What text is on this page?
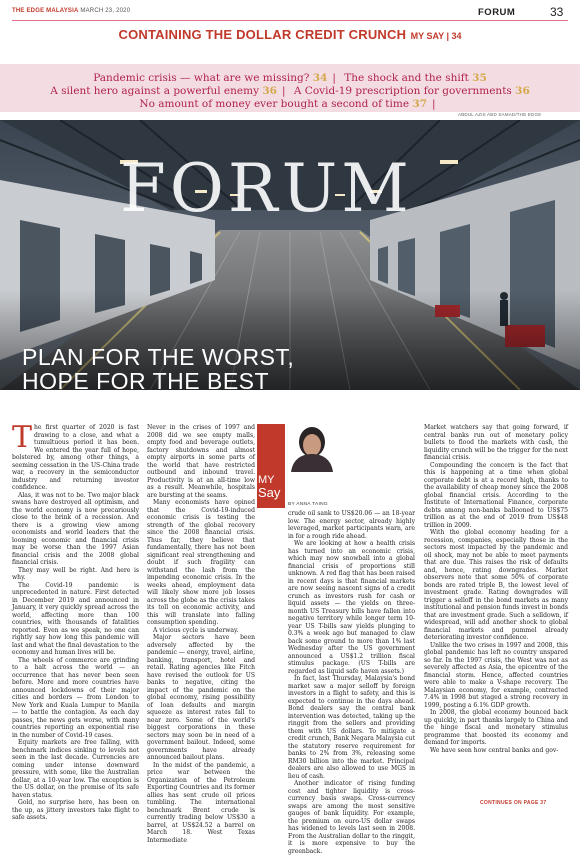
THE EDGE MALAYSIA MARCH 23, 2020	FORUM	33
CONTAINING THE DOLLAR CREDIT CRUNCH MY SAY | 34
Pandemic crisis — what are we missing? 34 | The shock and the shift 35
A silent hero against a powerful enemy 36 | A Covid-19 prescription for governments 36
No amount of money ever bought a second of time 37 |
ABDUL AZIS ABD SAMAD/THE EDGE
FORUM
PLAN FOR THE WORST,
HOPE FOR THE BEST
MY
Say
BY ANNA TAING

The first quarter of 2020 is fast drawing to a close, and what a tumultuous period it has been. We entered the year full of hope, bolstered by, among other things, a seeming cessation in the US-China trade war, a recovery in the semiconductor industry and returning investor confidence.

Alas, it was not to be. Two major black swans have destroyed all optimism, and the world economy is now precariously close to the brink of a recession. And there is a growing view among economists and world leaders that the looming economic and financial crisis may be worse than the 1997 Asian financial crisis and the 2008 global financial crisis.

They may well be right. And here is why.

The Covid-19 pandemic is unprecedented in nature. First detected in December 2019 and announced in January, it very quickly spread across the world, affecting more than 100 countries, with thousands of fatalities reported. Even as we speak, no one can rightly say how long this pandemic will last and what the final devastation to the economy and human lives will be.

The wheels of commerce are grinding to a halt across the world — an occurrence that has never been seen before. More and more countries have announced lockdowns of their major cities and borders — from London to New York and Kuala Lumpur to Manila — to battle the contagion. As each day passes, the news gets worse, with many countries reporting an exponential rise in the number of Covid-19 cases.

Equity markets are free falling, with benchmark indices sinking to levels not seen in the last decade. Currencies are coming under intense downward pressure, with some, like the Australian dollar, at a 10-year low. The exception is the US dollar, on the premise of its safe haven status.

Gold, no surprise here, has been on the up, as jittery investors take flight to safe assets.

Never in the crises of 1997 and 2008 did we see empty malls, empty food and beverage outlets, factory shutdowns and almost empty airports in some parts of the world that have restricted outbound and inbound travel. Productivity is at an all-time low as a result. Meanwhile, hospitals are bursting at the seams.

Many economists have opined that the Covid-19-induced economic crisis is testing the strength of the global recovery since the 2008 financial crisis. Thus far, they believe that fundamentally, there has not been significant real strengthening and doubt if such fragility can withstand the lash from the impending economic crisis. In the weeks ahead, employment data will likely show more job losses across the globe as the crisis takes its toll on economic activity, and this will translate into falling consumption spending.

A vicious cycle is underway.

Major sectors have been adversely affected by the pandemic — energy, travel, airline, banking, transport, hotel and retail. Rating agencies like Fitch have revised the outlook for US banks to negative, citing the impact of the pandemic on the global economy, rising possibility of loan defaults and margin squeeze as interest rates fall to near zero. Some of the world's biggest corporations in these sectors may soon be in need of a government bailout. Indeed, some governments have already announced bailout plans.

In the midst of the pandemic, a price war between the Organization of the Petroleum Exporting Countries and its former allies has sent crude oil prices tumbling. The international benchmark Brent crude is currently trading below US$30 a barrel, at US$24.52 a barrel on March 18. West Texas Intermediate

crude oil sank to US$20.06 — an 18-year low. The energy sector, already highly leveraged, market participants warn, are in for a rough ride ahead.

We are looking at how a health crisis has turned into an economic crisis, which may now snowball into a global financial crisis of proportions still unknown. A red flag that has been raised in recent days is that financial markets are now seeing nascent signs of a credit crunch as investors rush for cash or liquid assets — the yields on three-month US Treasury bills have fallen into negative territory while longer term 10-year US T-bills saw yields plunging to 0.3% a week ago but managed to claw back some ground to more than 1% last Wednesday after the US government announced a US$1.2 trillion fiscal stimulus package. (US T-bills are regarded as liquid safe haven assets.)

In fact, last Thursday, Malaysia's bond market saw a major selloff by foreign investors in a flight to safety, and this is expected to continue in the days ahead. Bond dealers say the central bank intervention was detected, taking up the ringgit from the sellers and providing them with US dollars. To mitigate a credit crunch, Bank Negara Malaysia cut the statutory reserve requirement for banks to 2% from 3%, releasing some RM30 billion into the market. Principal dealers are also allowed to use MGS in lieu of cash.

Another indicator of rising funding cost and tighter liquidity is cross-currency basis swaps. Cross-currency swaps are among the most sensitive gauges of bank liquidity. For example, the premium on euro-US dollar swaps has widened to levels last seen in 2008. From the Australian dollar to the ringgit, it is more expensive to buy the greenback.

Market watchers say that going forward, if central banks run out of monetary policy bullets to flood the markets with cash, the liquidity crunch will be the trigger for the next financial crisis.

Compounding the concern is the fact that this is happening at a time when global corporate debt is at a record high, thanks to the availability of cheap money since the 2008 global financial crisis. According to the Institute of International Finance, corporate debts among non-banks ballooned to US$75 trillion as at the end of 2019 from US$48 trillion in 2009.

With the global economy heading for a recession, companies, especially those in the sectors most impacted by the pandemic and oil shock, may not be able to meet payments that are due. This raises the risk of defaults and, hence, rating downgrades. Market observers note that some 50% of corporate bonds are rated triple B, the lowest level of investment grade. Rating downgrades will trigger a selloff in the bond markets as many institutional and pension funds invest in bonds that are investment grade. Such a selldown, if widespread, will add another shock to global financial markets and pummel already deteriorating investor confidence.

Unlike the two crises in 1997 and 2008, this global pandemic has left no country unspared so far. In the 1997 crisis, the West was not as severely affected as Asia, the epicentre of the financial storm. Hence, affected countries were able to make a V-shape recovery. The Malaysian economy, for example, contracted 7.4% in 1998 but staged a strong recovery in 1999, posting a 6.1% GDP growth.

In 2008, the global economy bounced back up quickly, in part thanks largely to China and the hinge fiscal and monetary stimulus programme that boosted its economy and demand for imports.

We have seen how central banks and gov-

CONTINUES ON PAGE 37
